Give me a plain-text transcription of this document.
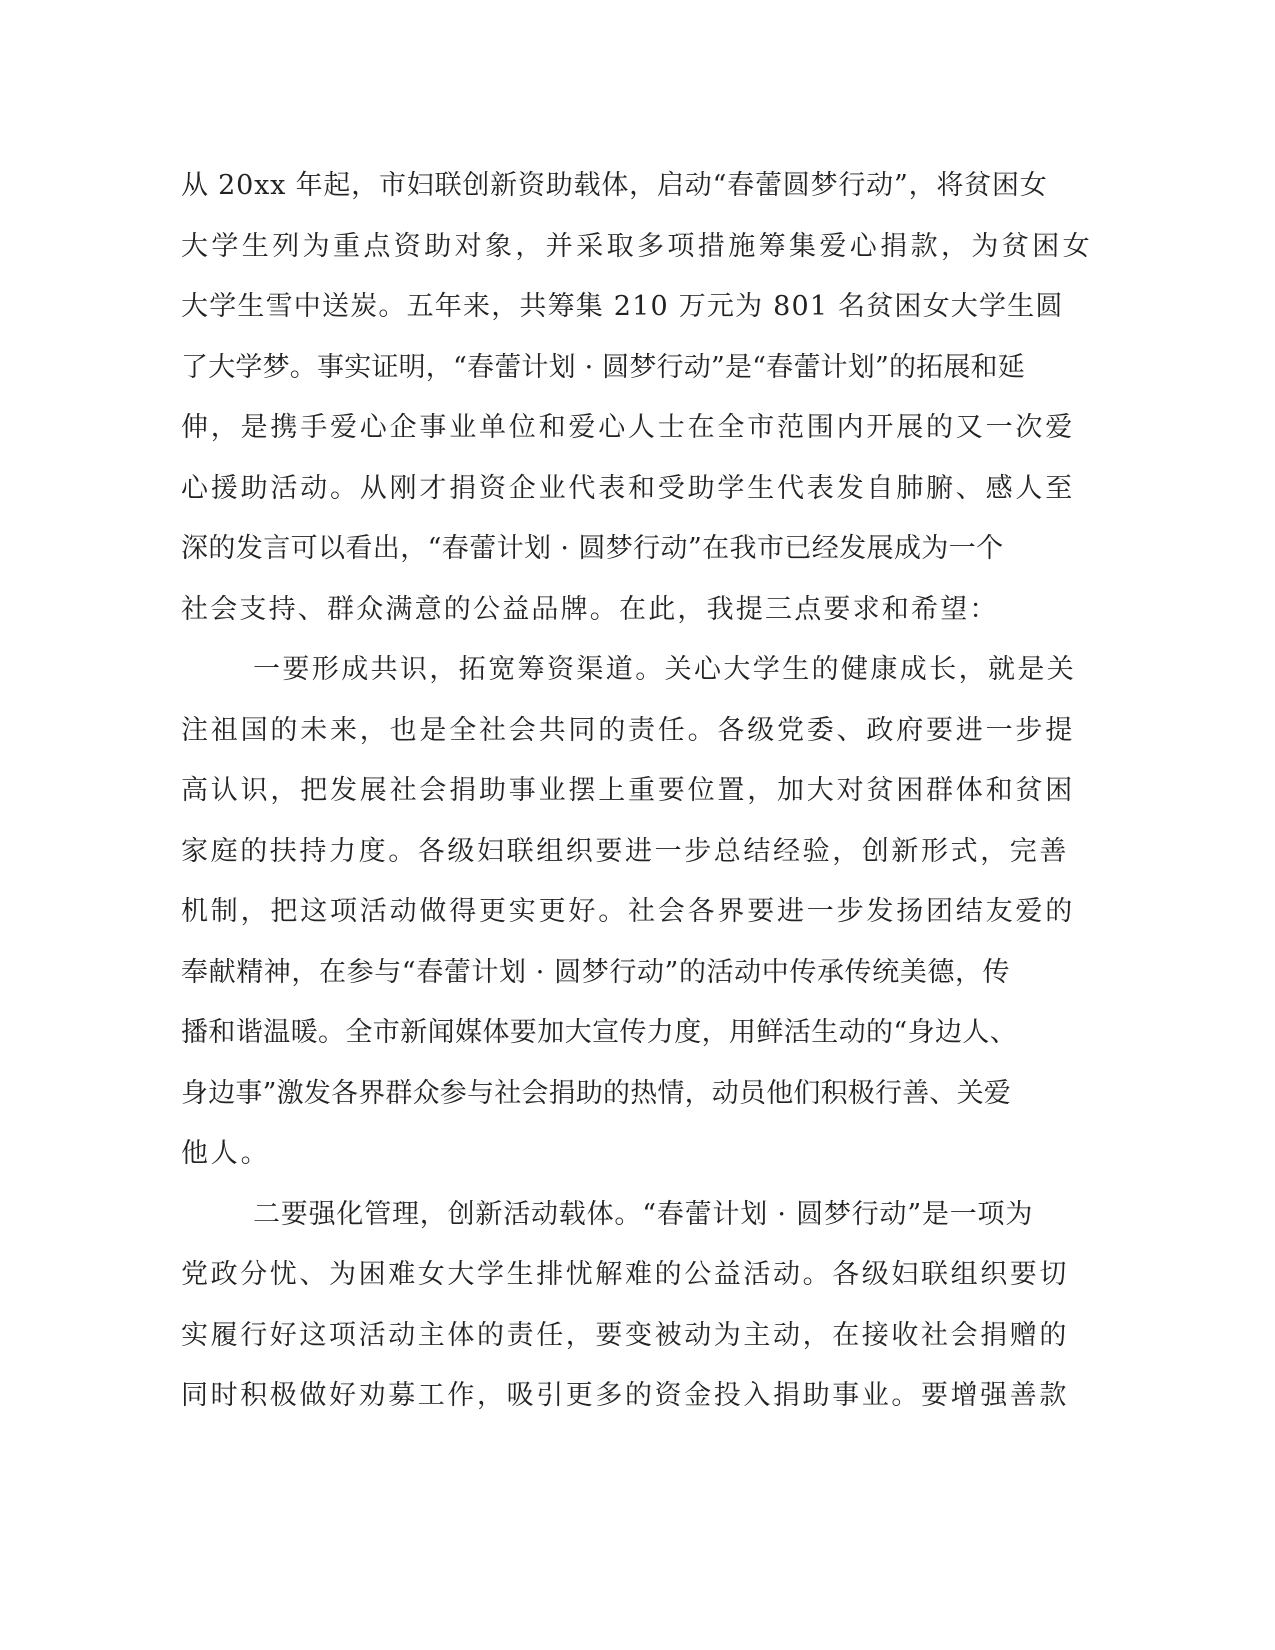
从 20xx 年起，市妇联创新资助载体，启动“春蕾圆梦行动”，将贫困女
大学生列为重点资助对象，并采取多项措施筹集爱心捐款，为贫困女
大学生雪中送炭。五年来，共筹集 210 万元为 801 名贫困女大学生圆
了大学梦。事实证明，“春蕾计划 · 圆梦行动”是“春蕾计划”的拓展和延
伸，是携手爱心企事业单位和爱心人士在全市范围内开展的又一次爱
心援助活动。从刚才捐资企业代表和受助学生代表发自肺腑、感人至
深的发言可以看出，“春蕾计划 · 圆梦行动”在我市已经发展成为一个
社会支持、群众满意的公益品牌。在此，我提三点要求和希望：
一要形成共识，拓宽筹资渠道。关心大学生的健康成长，就是关
注祖国的未来，也是全社会共同的责任。各级党委、政府要进一步提
高认识，把发展社会捐助事业摆上重要位置，加大对贫困群体和贫困
家庭的扶持力度。各级妇联组织要进一步总结经验，创新形式，完善
机制，把这项活动做得更实更好。社会各界要进一步发扬团结友爱的
奉献精神，在参与“春蕾计划 · 圆梦行动”的活动中传承传统美德，传
播和谐温暖。全市新闻媒体要加大宣传力度，用鲜活生动的“身边人、
身边事”激发各界群众参与社会捐助的热情，动员他们积极行善、关爱
他人。
二要强化管理，创新活动载体。“春蕾计划 · 圆梦行动”是一项为
党政分忧、为困难女大学生排忧解难的公益活动。各级妇联组织要切
实履行好这项活动主体的责任，要变被动为主动，在接收社会捐赠的
同时积极做好劝募工作，吸引更多的资金投入捐助事业。要增强善款
